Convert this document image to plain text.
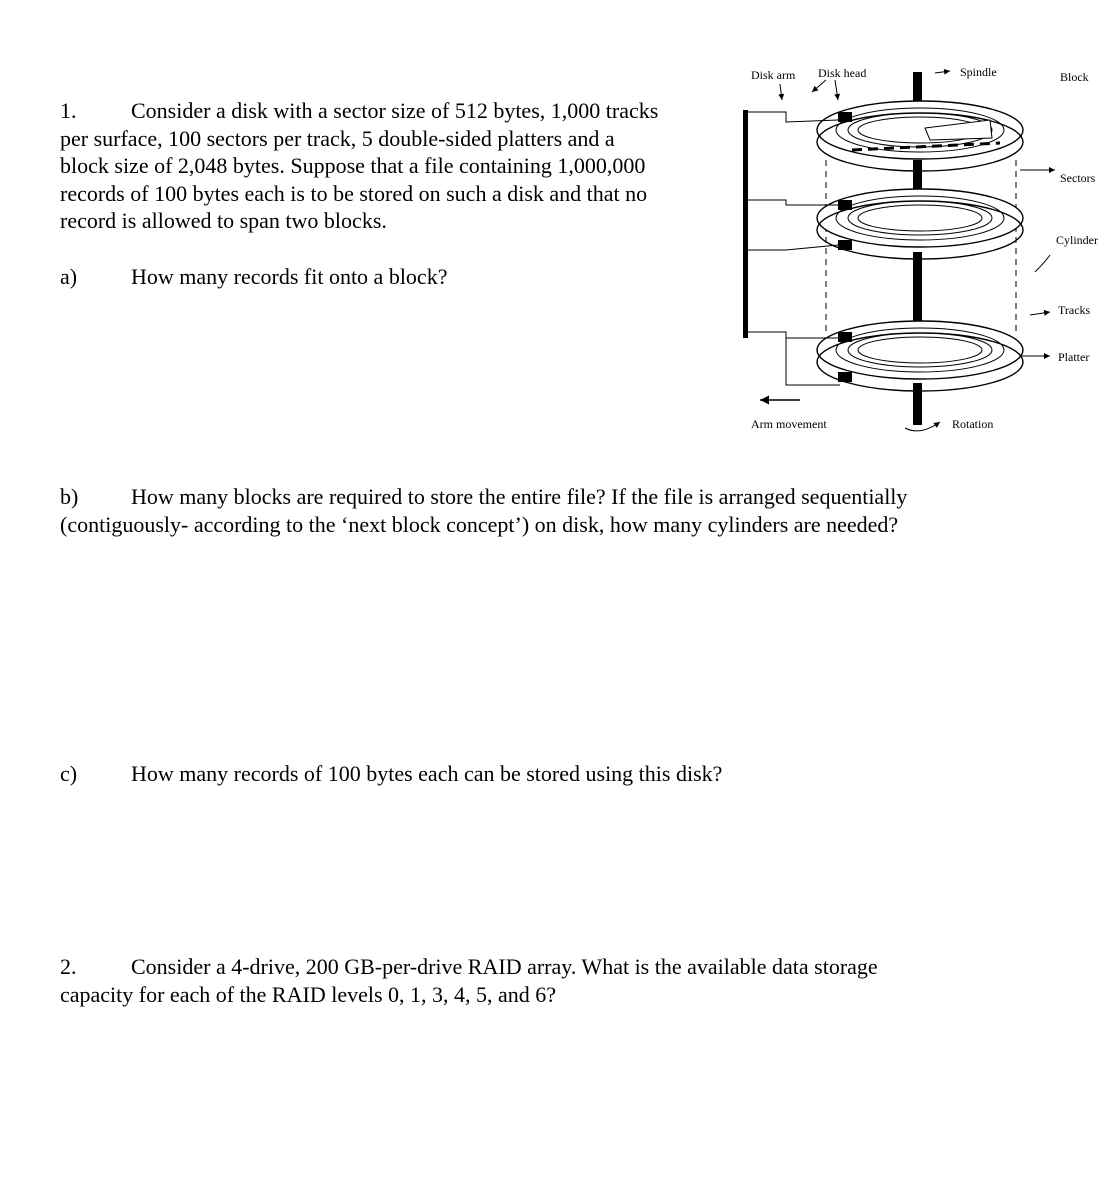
1. Consider a disk with a sector size of 512 bytes, 1,000 tracks
per surface, 100 sectors per track, 5 double-sided platters and a
block size of 2,048 bytes. Suppose that a file containing 1,000,000
records of 100 bytes each is to be stored on such a disk and that no
record is allowed to span two blocks.
a) How many records fit onto a block?
b) How many blocks are required to store the entire file? If the file is arranged sequentially
(contiguously- according to the ‘next block concept’) on disk, how many cylinders are needed?
c) How many records of 100 bytes each can be stored using this disk?
2. Consider a 4-drive, 200 GB-per-drive RAID array. What is the available data storage
capacity for each of the RAID levels 0, 1, 3, 4, 5, and 6?
Disk arm Disk head	Spindle	Block
Sectors
Cylinder
Tracks
Platter
Arm movement	Rotation
